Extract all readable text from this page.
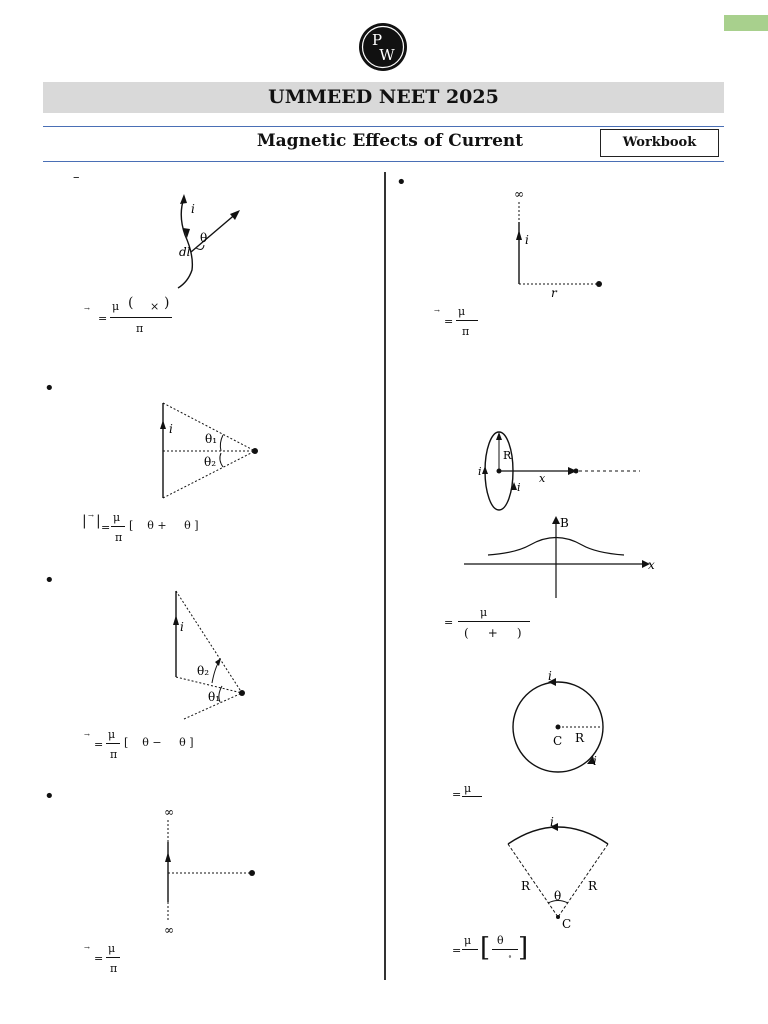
P
W
UMMEED NEET 2025
Magnetic Effects of Current	Workbook
–
i
θ
dl
→
=
μ ( × )
π
•
i
θ₁
θ₂
| → | =
μ
π
[    θ +     θ ]
•
i
θ₂
θ₁
→
=
μ
π
[    θ −     θ ]
•
∞
∞
→
=
μ
π
•
∞
i
r
→
=
μ
π
R
i
i
x
B
x
=
μ
(     +     )
i
C R
i
= μ
i
R	R
θ
C
=
μ [ θ
∘ ]
